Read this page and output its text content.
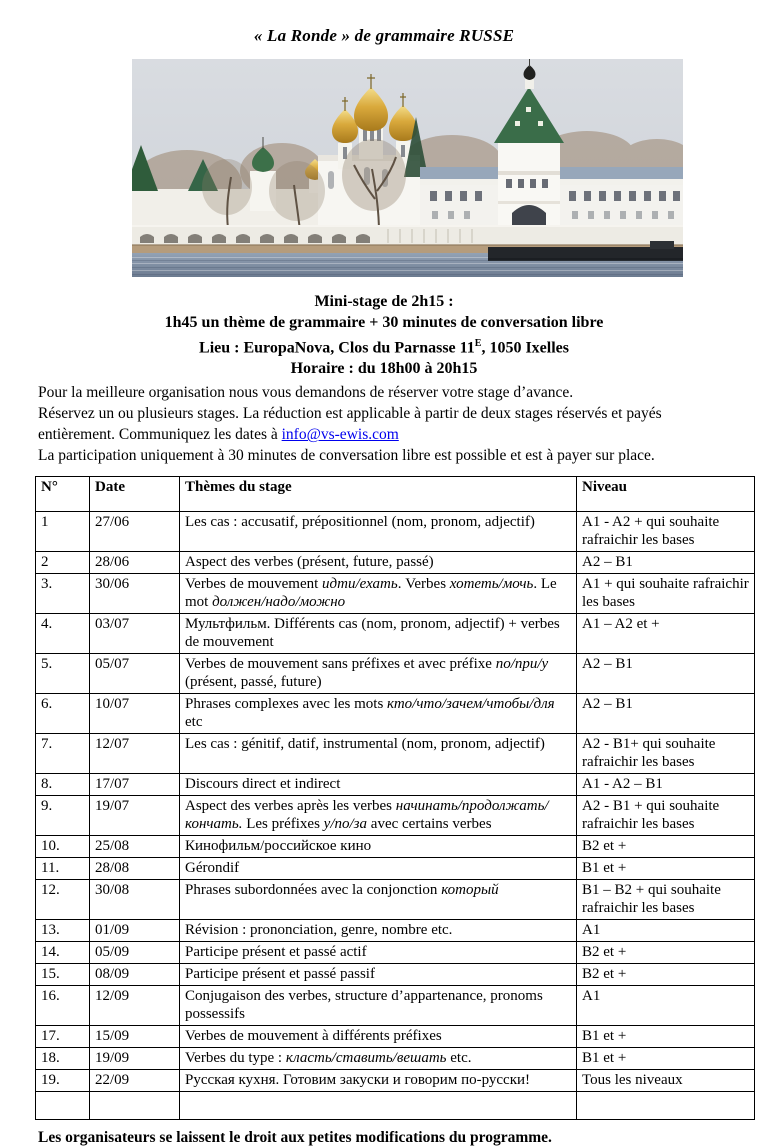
« La Ronde » de grammaire RUSSE

Mini-stage de 2h15 :

1h45 un thème de grammaire + 30 minutes de conversation libre

Lieu : EuropaNova, Clos du Parnasse $11^E$, 1050 Ixelles

Horaire : du 18h00 à 20h15

Pour la meilleure organisation nous vous demandons de réserver votre stage d’avance.

Réservez un ou plusieurs stages. La réduction est applicable à partir de deux stages réservés et payés entièrement. Communiquez les dates à info@vs-ewis.com

La participation uniquement à 30 minutes de conversation libre est possible et est à payer sur place.

N°	Date	Thèmes du stage	Niveau
1	27/06	Les cas : accusatif, prépositionnel (nom, pronom, adjectif)	A1 - A2 + qui souhaite rafraichir les bases
2	28/06	Aspect des verbes (présent, future, passé)	A2 – B1
3.	30/06	Verbes de mouvement идти/ехать. Verbes хотеть/мочь. Le mot должен/надо/можно	A1 + qui souhaite rafraichir les bases
4.	03/07	Мультфильм. Différents cas (nom, pronom, adjectif) + verbes de mouvement	A1 – A2 et +
5.	05/07	Verbes de mouvement sans préfixes et avec préfixe по/при/у (présent, passé, future)	A2 – B1
6.	10/07	Phrases complexes avec les mots кто/что/зачем/чтобы/для etc	A2 – B1
7.	12/07	Les cas : génitif, datif, instrumental (nom, pronom, adjectif)	A2 - B1+ qui souhaite rafraichir les bases
8.	17/07	Discours direct et indirect	A1 - A2 – B1
9.	19/07	Aspect des verbes après les verbes начинать/продолжать/кончать. Les préfixes у/по/за avec certains verbes	A2 - B1 + qui souhaite rafraichir les bases
10.	25/08	Кинофильм/российское кино	B2 et +
11.	28/08	Gérondif	B1 et +
12.	30/08	Phrases subordonnées avec la conjonction который	B1 – B2 + qui souhaite rafraichir les bases
13.	01/09	Révision : prononciation, genre, nombre etc.	A1
14.	05/09	Participe présent et passé actif	B2 et +
15.	08/09	Participe présent et passé passif	B2 et +
16.	12/09	Conjugaison des verbes, structure d’appartenance, pronoms possessifs	A1
17.	15/09	Verbes de mouvement à différents préfixes	B1 et +
18.	19/09	Verbes du type : класть/ставить/вешать etc.	B1 et +
19.	22/09	Русская кухня. Готовим закуски и говорим по-русски!	Tous les niveaux

Les organisateurs se laissent le droit aux petites modifications du programme.
